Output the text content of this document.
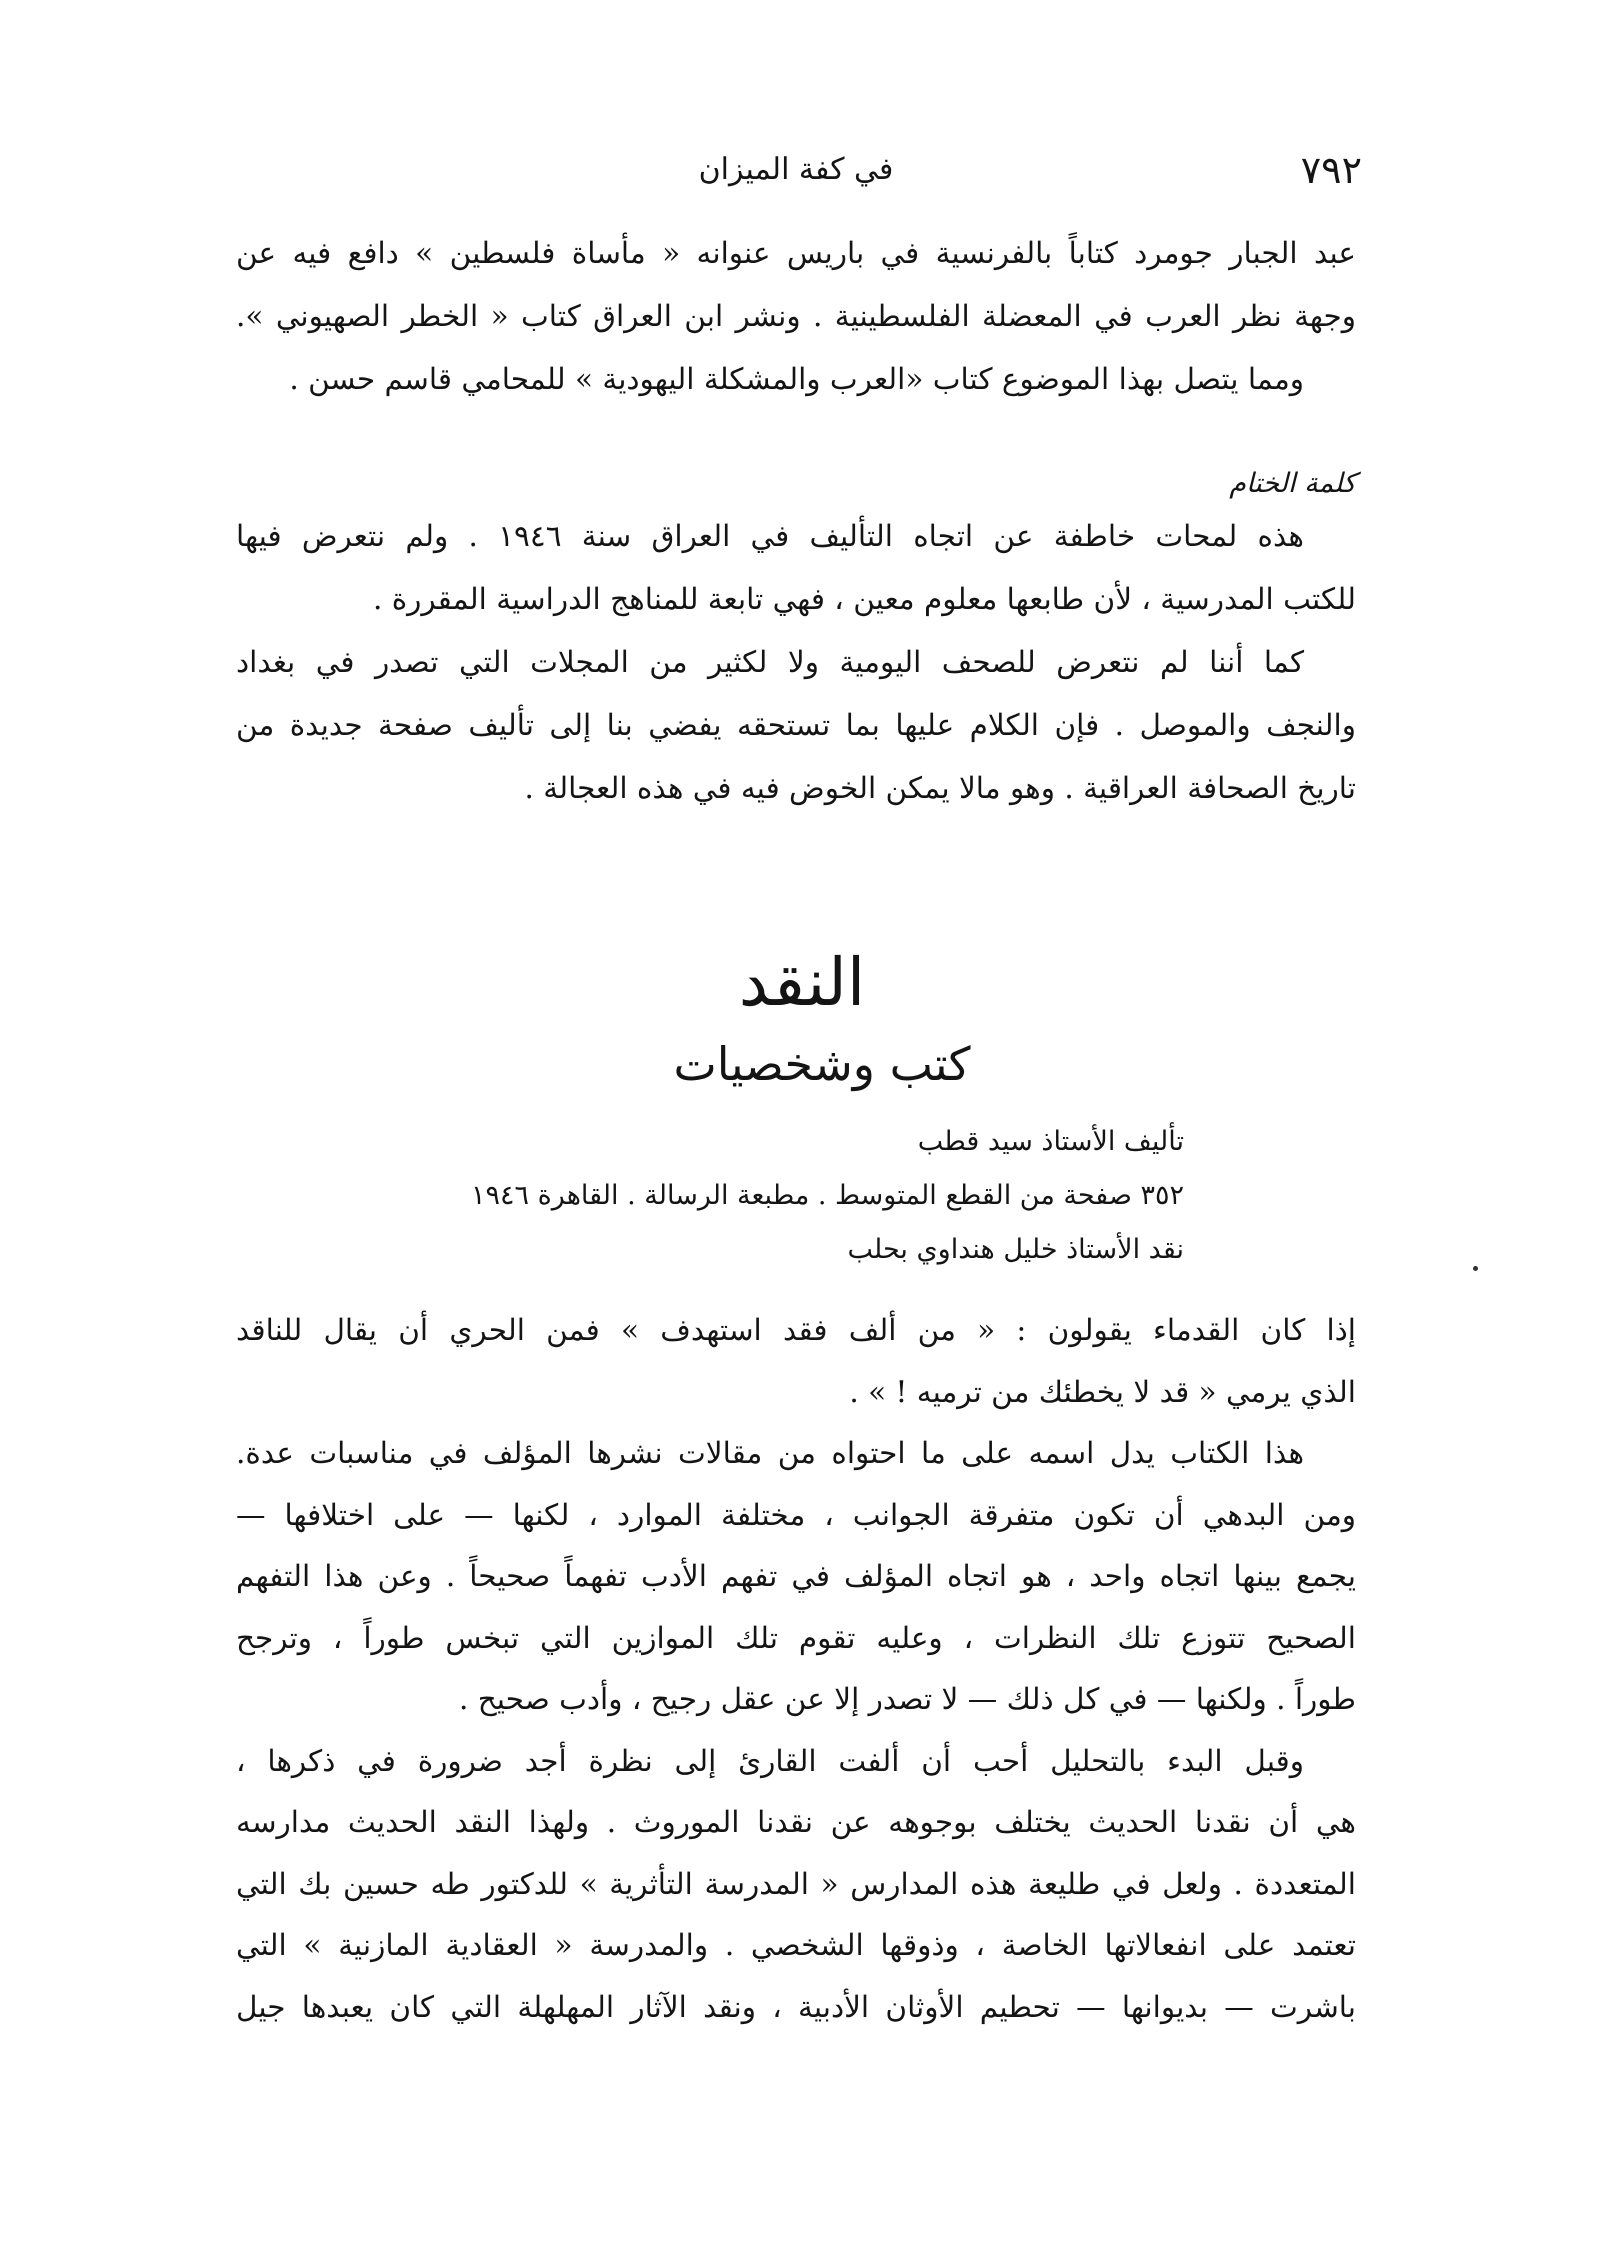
٧٩٢
في كفة الميزان
عبد الجبار جومرد كتاباً بالفرنسية في باريس عنوانه « مأساة فلسطين » دافع فيه عن
وجهة نظر العرب في المعضلة الفلسطينية . ونشر ابن العراق كتاب « الخطر الصهيوني ».
ومما يتصل بهذا الموضوع كتاب «العرب والمشكلة اليهودية » للمحامي قاسم حسن .
كلمة الختام
هذه لمحات خاطفة عن اتجاه التأليف في العراق سنة ١٩٤٦ . ولم نتعرض فيها
للكتب المدرسية ، لأن طابعها معلوم معين ، فهي تابعة للمناهج الدراسية المقررة .
كما أننا لم نتعرض للصحف اليومية ولا لكثير من المجلات التي تصدر في بغداد
والنجف والموصل . فإن الكلام عليها بما تستحقه يفضي بنا إلى تأليف صفحة جديدة من
تاريخ الصحافة العراقية . وهو مالا يمكن الخوض فيه في هذه العجالة .
النقد
كتب وشخصيات
تأليف الأستاذ سيد قطب
٣٥٢ صفحة من القطع المتوسط . مطبعة الرسالة . القاهرة ١٩٤٦
نقد الأستاذ خليل هنداوي بحلب
إذا كان القدماء يقولون : « من ألف فقد استهدف » فمن الحري أن يقال للناقد
الذي يرمي « قد لا يخطئك من ترميه ! » .
هذا الكتاب يدل اسمه على ما احتواه من مقالات نشرها المؤلف في مناسبات عدة.
ومن البدهي أن تكون متفرقة الجوانب ، مختلفة الموارد ، لكنها — على اختلافها —
يجمع بينها اتجاه واحد ، هو اتجاه المؤلف في تفهم الأدب تفهماً صحيحاً . وعن هذا التفهم
الصحيح تتوزع تلك النظرات ، وعليه تقوم تلك الموازين التي تبخس طوراً ، وترجح
طوراً . ولكنها — في كل ذلك — لا تصدر إلا عن عقل رجيح ، وأدب صحيح .
وقبل البدء بالتحليل أحب أن ألفت القارئ إلى نظرة أجد ضرورة في ذكرها ،
هي أن نقدنا الحديث يختلف بوجوهه عن نقدنا الموروث . ولهذا النقد الحديث مدارسه
المتعددة . ولعل في طليعة هذه المدارس « المدرسة التأثرية » للدكتور طه حسين بك التي
تعتمد على انفعالاتها الخاصة ، وذوقها الشخصي . والمدرسة « العقادية المازنية » التي
باشرت — بديوانها — تحطيم الأوثان الأدبية ، ونقد الآثار المهلهلة التي كان يعبدها جيل
